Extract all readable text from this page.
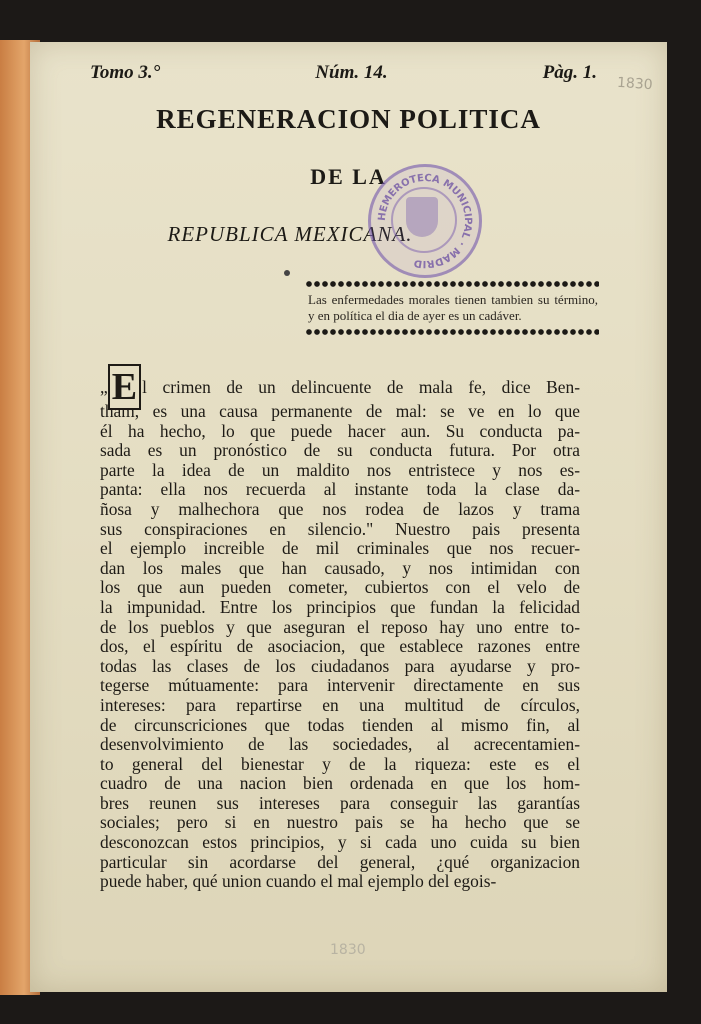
Tomo 3.°	Núm. 14.	Pàg. 1.
1830
REGENERACION POLITICA
DE LA
REPUBLICA MEXICANA.
HEMEROTECA MUNICIPAL · MADRID
Las enfermedades morales tienen tambien su término, y en política el dia de ayer es un cadáver.
„ E l crimen de un delincuente de mala fe, dice Ben-
tham, es una causa permanente de mal: se ve en lo que
él ha hecho, lo que puede hacer aun. Su conducta pa-
sada es un pronóstico de su conducta futura. Por otra
parte la idea de un maldito nos entristece y nos es-
panta: ella nos recuerda al instante toda la clase da-
ñosa y malhechora que nos rodea de lazos y trama
sus conspiraciones en silencio." Nuestro pais presenta
el ejemplo increible de mil criminales que nos recuer-
dan los males que han causado, y nos intimidan con
los que aun pueden cometer, cubiertos con el velo de
la impunidad. Entre los principios que fundan la felicidad
de los pueblos y que aseguran el reposo hay uno entre to-
dos, el espíritu de asociacion, que establece razones entre
todas las clases de los ciudadanos para ayudarse y pro-
tegerse mútuamente: para intervenir directamente en sus
intereses: para repartirse en una multitud de círculos,
de circunscriciones que todas tienden al mismo fin, al
desenvolvimiento de las sociedades, al acrecentamien-
to general del bienestar y de la riqueza: este es el
cuadro de una nacion bien ordenada en que los hom-
bres reunen sus intereses para conseguir las garantías
sociales; pero si en nuestro pais se ha hecho que se
desconozcan estos principios, y si cada uno cuida su bien
particular sin acordarse del general, ¿qué organizacion
puede haber, qué union cuando el mal ejemplo del egois-
1830
